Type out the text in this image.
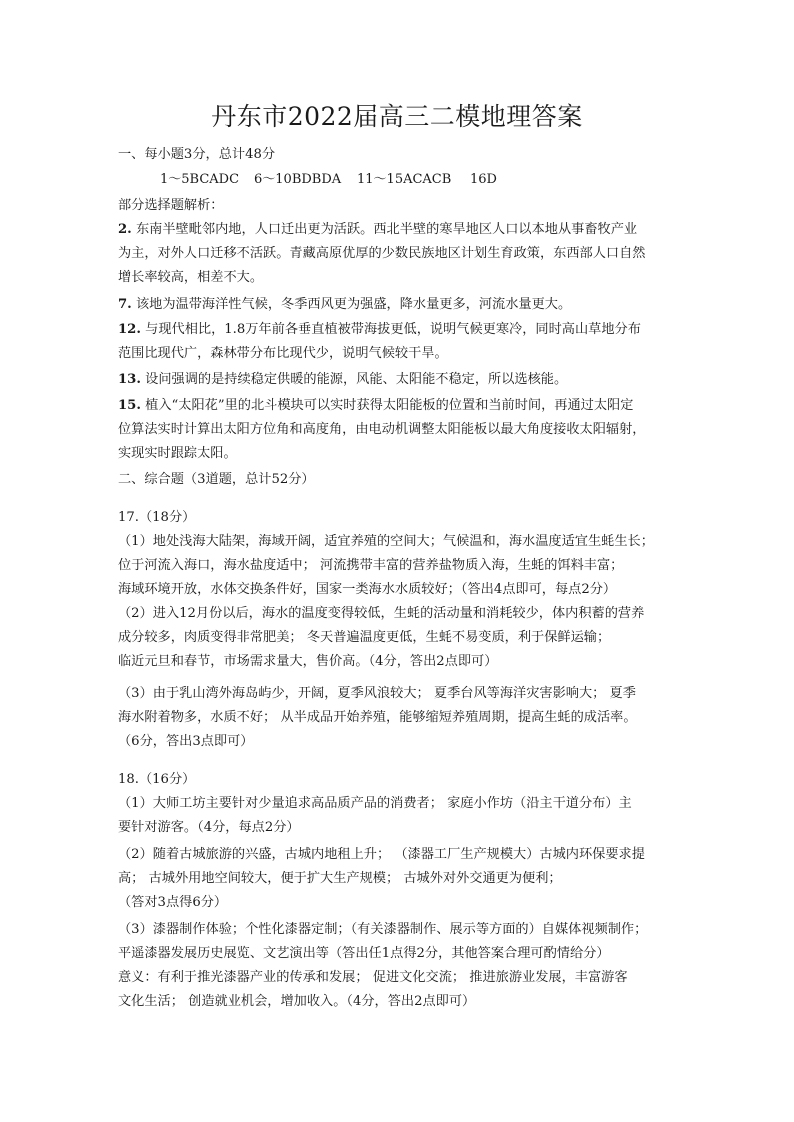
丹东市2022届高三二模地理答案
一、每小题3分，总计48分
1～5BCADC 6～10BDBDA 11～15ACACB 16D
部分选择题解析：
2. 东南半壁毗邻内地，人口迁出更为活跃。西北半壁的寒旱地区人口以本地从事畜牧产业
为主，对外人口迁移不活跃。青藏高原优厚的少数民族地区计划生育政策，东西部人口自然
增长率较高，相差不大。
7. 该地为温带海洋性气候，冬季西风更为强盛，降水量更多，河流水量更大。
12. 与现代相比，1.8万年前各垂直植被带海拔更低，说明气候更寒冷，同时高山草地分布
范围比现代广，森林带分布比现代少，说明气候较干旱。
13. 设问强调的是持续稳定供暖的能源，风能、太阳能不稳定，所以选核能。
15. 植入“太阳花”里的北斗模块可以实时获得太阳能板的位置和当前时间，再通过太阳定
位算法实时计算出太阳方位角和高度角，由电动机调整太阳能板以最大角度接收太阳辐射，
实现实时跟踪太阳。
二、综合题（3道题，总计52分）
17.（18分）
（1）地处浅海大陆架，海域开阔，适宜养殖的空间大；气候温和，海水温度适宜生蚝生长；
位于河流入海口，海水盐度适中； 河流携带丰富的营养盐物质入海，生蚝的饵料丰富；
海域环境开放，水体交换条件好，国家一类海水水质较好；（答出4点即可，每点2分）
（2）进入12月份以后，海水的温度变得较低，生蚝的活动量和消耗较少，体内积蓄的营养
成分较多，肉质变得非常肥美； 冬天普遍温度更低，生蚝不易变质，利于保鲜运输；
临近元旦和春节，市场需求量大，售价高。（4分，答出2点即可）
（3）由于乳山湾外海岛屿少，开阔，夏季风浪较大； 夏季台风等海洋灾害影响大； 夏季
海水附着物多，水质不好； 从半成品开始养殖，能够缩短养殖周期，提高生蚝的成活率。
（6分，答出3点即可）
18.（16分）
（1）大师工坊主要针对少量追求高品质产品的消费者； 家庭小作坊（沿主干道分布）主
要针对游客。（4分，每点2分）
（2）随着古城旅游的兴盛，古城内地租上升； （漆器工厂生产规模大）古城内环保要求提
高； 古城外用地空间较大，便于扩大生产规模； 古城外对外交通更为便利；
（答对3点得6分）
（3）漆器制作体验；个性化漆器定制；（有关漆器制作、展示等方面的）自媒体视频制作；
平遥漆器发展历史展览、文艺演出等（答出任1点得2分，其他答案合理可酌情给分）
意义：有利于推光漆器产业的传承和发展； 促进文化交流； 推进旅游业发展，丰富游客
文化生活； 创造就业机会，增加收入。（4分，答出2点即可）
